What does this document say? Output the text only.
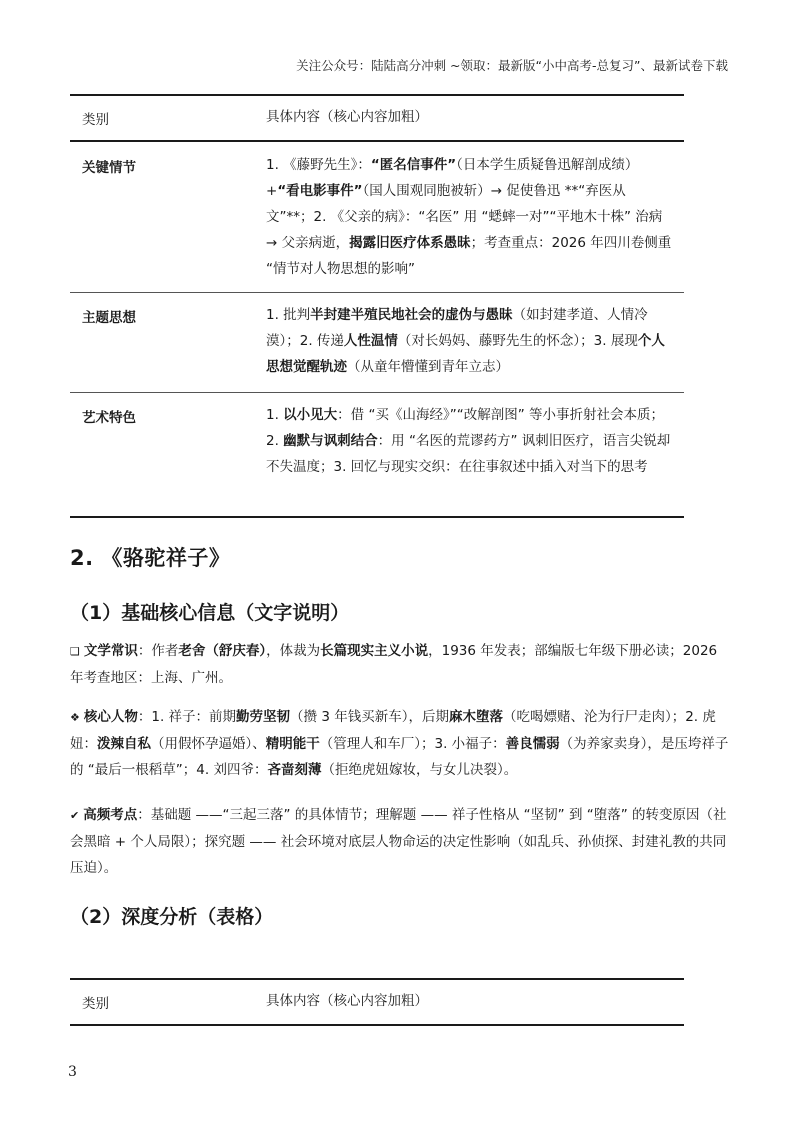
关注公众号：陆陆高分冲刺 ~领取：最新版“小中高考-总复习”、最新试卷下载
类别	具体内容（核心内容加粗）
关键情节	1. 《藤野先生》：“匿名信事件”（日本学生质疑鲁迅解剖成绩）+“看电影事件”（国人围观同胞被斩）→ 促使鲁迅 **“弃医从文”**；2. 《父亲的病》：“名医” 用 “蟋蟀一对”“平地木十株” 治病→ 父亲病逝，揭露旧医疗体系愚昧；考查重点：2026 年四川卷侧重 “情节对人物思想的影响”
主题思想	1. 批判半封建半殖民地社会的虚伪与愚昧（如封建孝道、人情冷漠）；2. 传递人性温情（对长妈妈、藤野先生的怀念）；3. 展现个人思想觉醒轨迹（从童年懵懂到青年立志）
艺术特色	1. 以小见大：借 “买《山海经》”“改解剖图” 等小事折射社会本质；2. 幽默与讽刺结合：用 “名医的荒谬药方” 讽刺旧医疗，语言尖锐却不失温度；3. 回忆与现实交织：在往事叙述中插入对当下的思考
2. 《骆驼祥子》
（1）基础核心信息（文字说明）
❑ 文学常识：作者老舍（舒庆春），体裁为长篇现实主义小说，1936 年发表；部编版七年级下册必读；2026 年考查地区：上海、广州。
❖ 核心人物：1. 祥子：前期勤劳坚韧（攒 3 年钱买新车），后期麻木堕落（吃喝嫖赌、沦为行尸走肉）；2. 虎妞：泼辣自私（用假怀孕逼婚）、精明能干（管理人和车厂）；3. 小福子：善良懦弱（为养家卖身），是压垮祥子的 “最后一根稻草”；4. 刘四爷：吝啬刻薄（拒绝虎妞嫁妆，与女儿决裂）。
✔ 高频考点：基础题 ——“三起三落” 的具体情节；理解题 —— 祥子性格从 “坚韧” 到 “堕落” 的转变原因（社会黑暗 + 个人局限）；探究题 —— 社会环境对底层人物命运的决定性影响（如乱兵、孙侦探、封建礼教的共同压迫）。
（2）深度分析（表格）
类别	具体内容（核心内容加粗）
3
